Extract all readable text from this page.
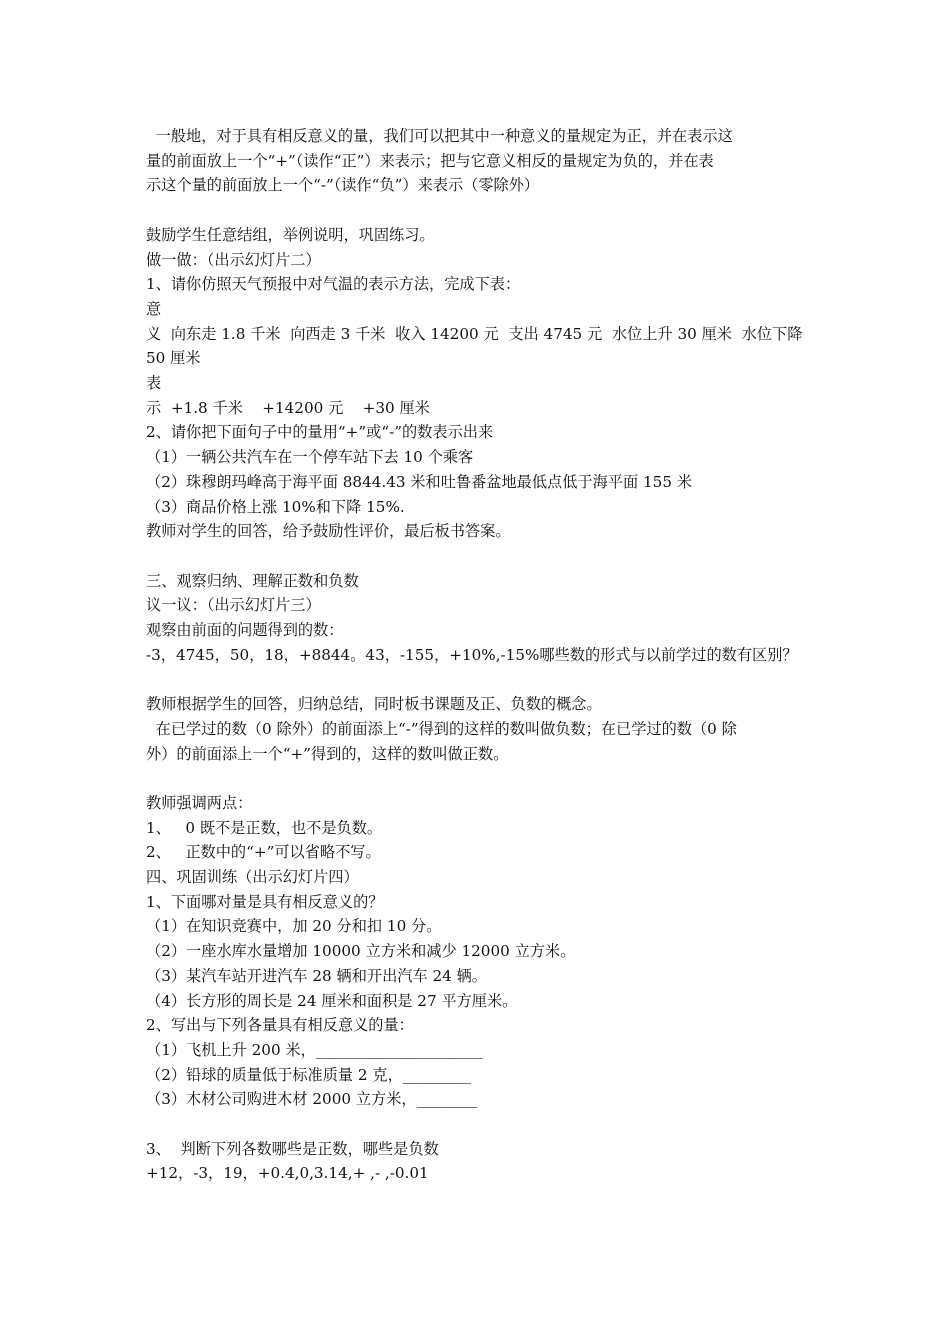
一般地，对于具有相反意义的量，我们可以把其中一种意义的量规定为正，并在表示这
量的前面放上一个“+”（读作“正”）来表示；把与它意义相反的量规定为负的，并在表
示这个量的前面放上一个“-”（读作“负”）来表示（零除外）
鼓励学生任意结组，举例说明，巩固练习。
做一做：（出示幻灯片二）
1、请你仿照天气预报中对气温的表示方法，完成下表：
意
义  向东走 1.8 千米  向西走 3 千米  收入 14200 元  支出 4745 元  水位上升 30 厘米  水位下降
50 厘米
表
示  +1.8 千米    +14200 元    +30 厘米
2、请你把下面句子中的量用“+”或“-”的数表示出来
（1）一辆公共汽车在一个停车站下去 10 个乘客
（2）珠穆朗玛峰高于海平面 8844.43 米和吐鲁番盆地最低点低于海平面 155 米
（3）商品价格上涨 10%和下降 15%.
教师对学生的回答，给予鼓励性评价，最后板书答案。
三、观察归纳、理解正数和负数
议一议：（出示幻灯片三）
观察由前面的问题得到的数：
-3，4745，50，18，+8844。43，-155，+10%,-15%哪些数的形式与以前学过的数有区别？
教师根据学生的回答，归纳总结，同时板书课题及正、负数的概念。
在已学过的数（0 除外）的前面添上“-”得到的这样的数叫做负数；在已学过的数（0 除
外）的前面添上一个“+”得到的，这样的数叫做正数。
教师强调两点：
1、   0 既不是正数，也不是负数。
2、   正数中的“+”可以省略不写。
四、巩固训练（出示幻灯片四）
1、下面哪对量是具有相反意义的？
（1）在知识竞赛中，加 20 分和扣 10 分。
（2）一座水库水量增加 10000 立方米和减少 12000 立方米。
（3）某汽车站开进汽车 28 辆和开出汽车 24 辆。
（4）长方形的周长是 24 厘米和面积是 27 平方厘米。
2、写出与下列各量具有相反意义的量：
（1）飞机上升 200 米，______________________
（2）铅球的质量低于标准质量 2 克，_________
（3）木材公司购进木材 2000 立方米，________
3、  判断下列各数哪些是正数，哪些是负数
+12，-3，19，+0.4,0,3.14,+ ,- ,-0.01
